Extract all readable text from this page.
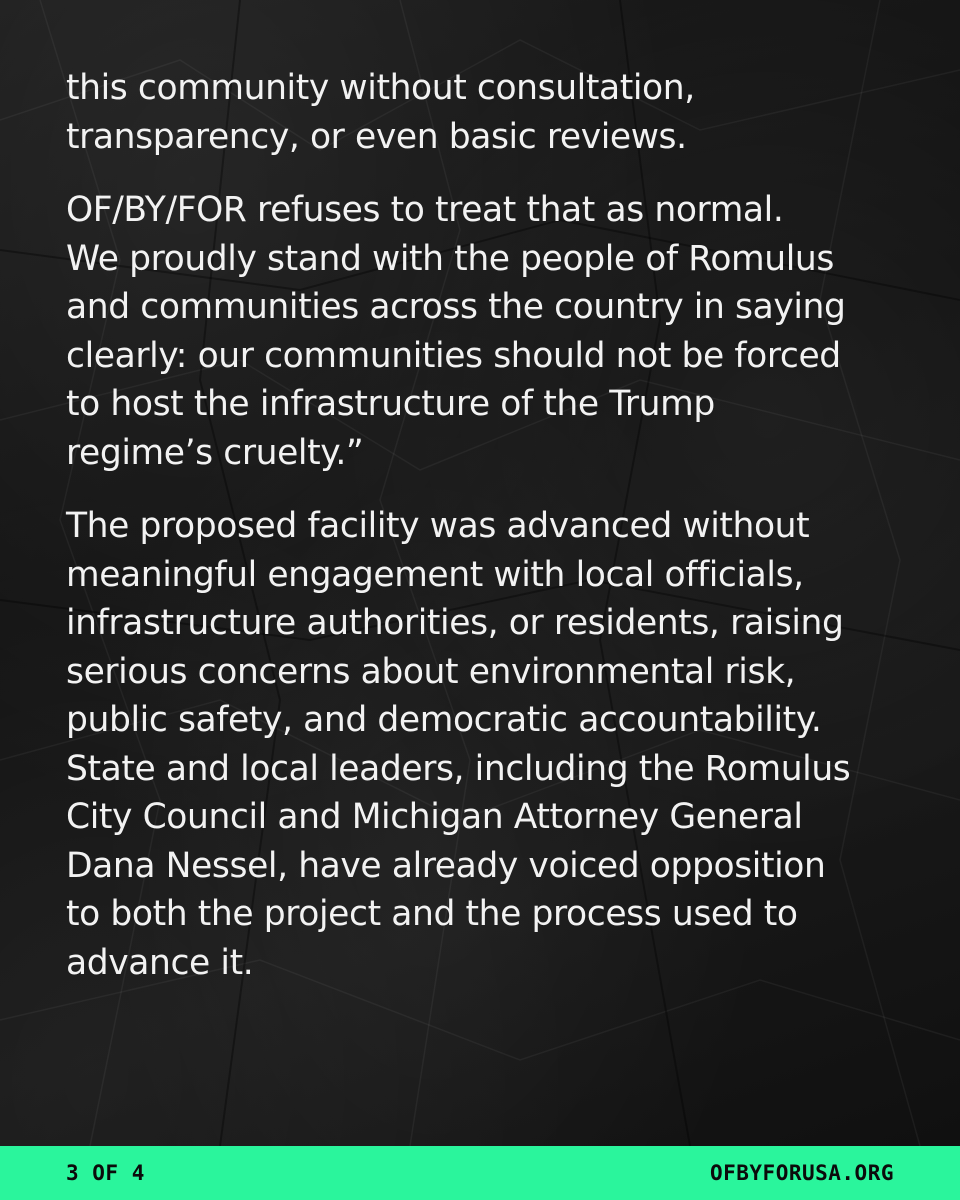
this community without consultation,
transparency, or even basic reviews.

OF/BY/FOR refuses to treat that as normal.
We proudly stand with the people of Romulus
and communities across the country in saying
clearly: our communities should not be forced
to host the infrastructure of the Trump
regime’s cruelty.”

The proposed facility was advanced without
meaningful engagement with local officials,
infrastructure authorities, or residents, raising
serious concerns about environmental risk,
public safety, and democratic accountability.
State and local leaders, including the Romulus
City Council and Michigan Attorney General
Dana Nessel, have already voiced opposition
to both the project and the process used to
advance it.

3 OF 4	OFBYFORUSA.ORG
